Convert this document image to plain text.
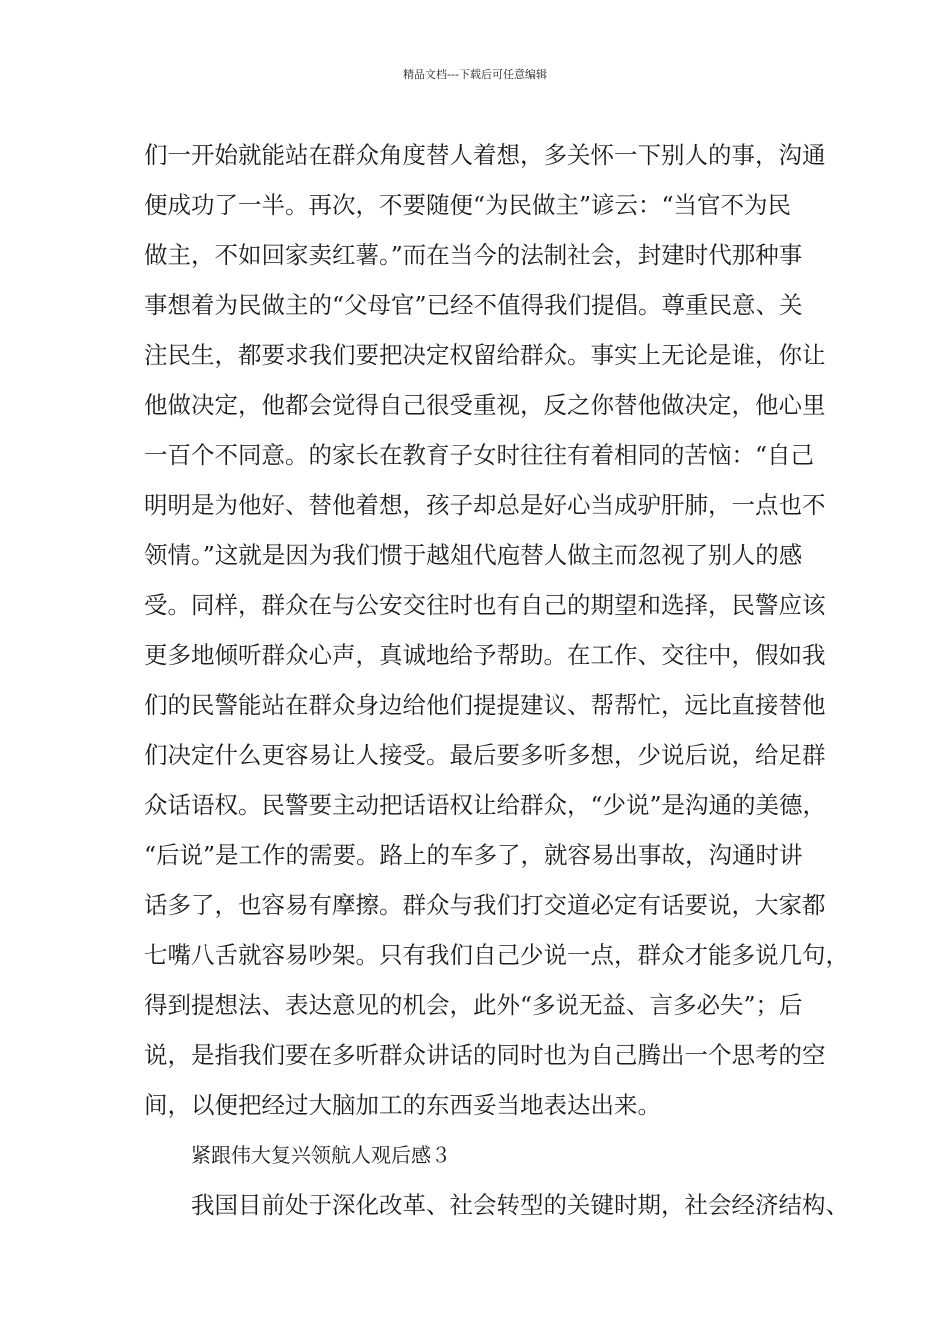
精品文档---下载后可任意编辑
们一开始就能站在群众角度替人着想，多关怀一下别人的事，沟通
便成功了一半。再次，不要随便“为民做主”谚云：“当官不为民
做主，不如回家卖红薯。”而在当今的法制社会，封建时代那种事
事想着为民做主的“父母官”已经不值得我们提倡。尊重民意、关
注民生，都要求我们要把决定权留给群众。事实上无论是谁，你让
他做决定，他都会觉得自己很受重视，反之你替他做决定，他心里
一百个不同意。的家长在教育子女时往往有着相同的苦恼：“自己
明明是为他好、替他着想，孩子却总是好心当成驴肝肺，一点也不
领情。”这就是因为我们惯于越俎代庖替人做主而忽视了别人的感
受。同样，群众在与公安交往时也有自己的期望和选择，民警应该
更多地倾听群众心声，真诚地给予帮助。在工作、交往中，假如我
们的民警能站在群众身边给他们提提建议、帮帮忙，远比直接替他
们决定什么更容易让人接受。最后要多听多想，少说后说，给足群
众话语权。民警要主动把话语权让给群众，“少说”是沟通的美德，
“后说”是工作的需要。路上的车多了，就容易出事故，沟通时讲
话多了，也容易有摩擦。群众与我们打交道必定有话要说，大家都
七嘴八舌就容易吵架。只有我们自己少说一点，群众才能多说几句，
得到提想法、表达意见的机会，此外“多说无益、言多必失”；后
说，是指我们要在多听群众讲话的同时也为自己腾出一个思考的空
间，以便把经过大脑加工的东西妥当地表达出来。
紧跟伟大复兴领航人观后感３
我国目前处于深化改革、社会转型的关键时期，社会经济结构、
